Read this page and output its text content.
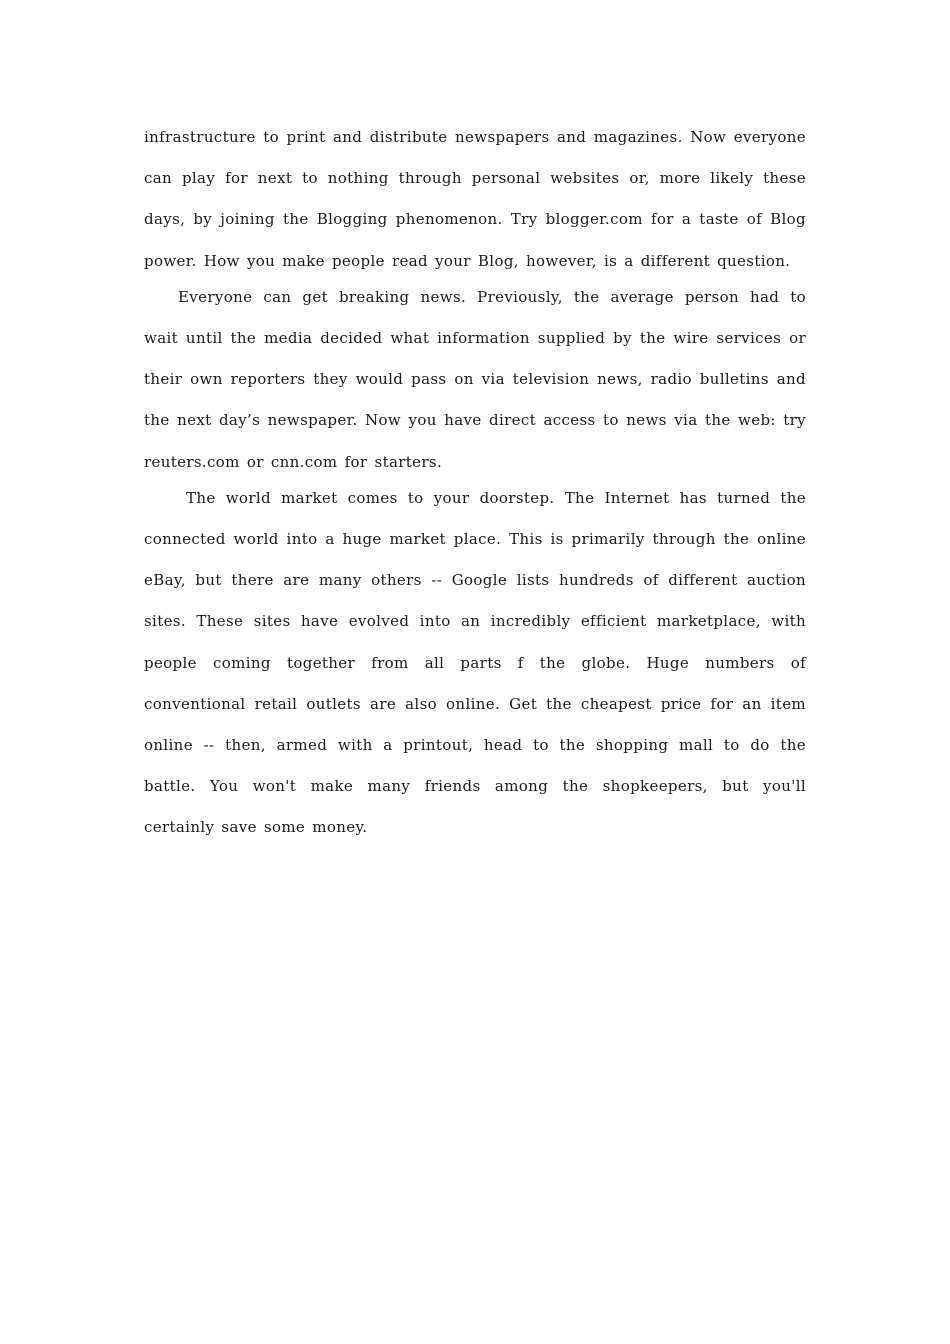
infrastructure to print and distribute newspapers and magazines. Now everyone can play for next to nothing through personal websites or, more likely these days, by joining the Blogging phenomenon. Try blogger.com for a taste of Blog power. How you make people read your Blog, however, is a different question.

Everyone can get breaking news. Previously, the average person had to wait until the media decided what information supplied by the wire services or their own reporters they would pass on via television news, radio bulletins and the next day’s newspaper. Now you have direct access to news via the web: try reuters.com or cnn.com for starters.

The world market comes to your doorstep. The Internet has turned the connected world into a huge market place. This is primarily through the online eBay, but there are many others -- Google lists hundreds of different auction sites. These sites have evolved into an incredibly efficient marketplace, with people coming together from all parts f the globe. Huge numbers of conventional retail outlets are also online. Get the cheapest price for an item online -- then, armed with a printout, head to the shopping mall to do the battle. You won't make many friends among the shopkeepers, but you'll certainly save some money.
